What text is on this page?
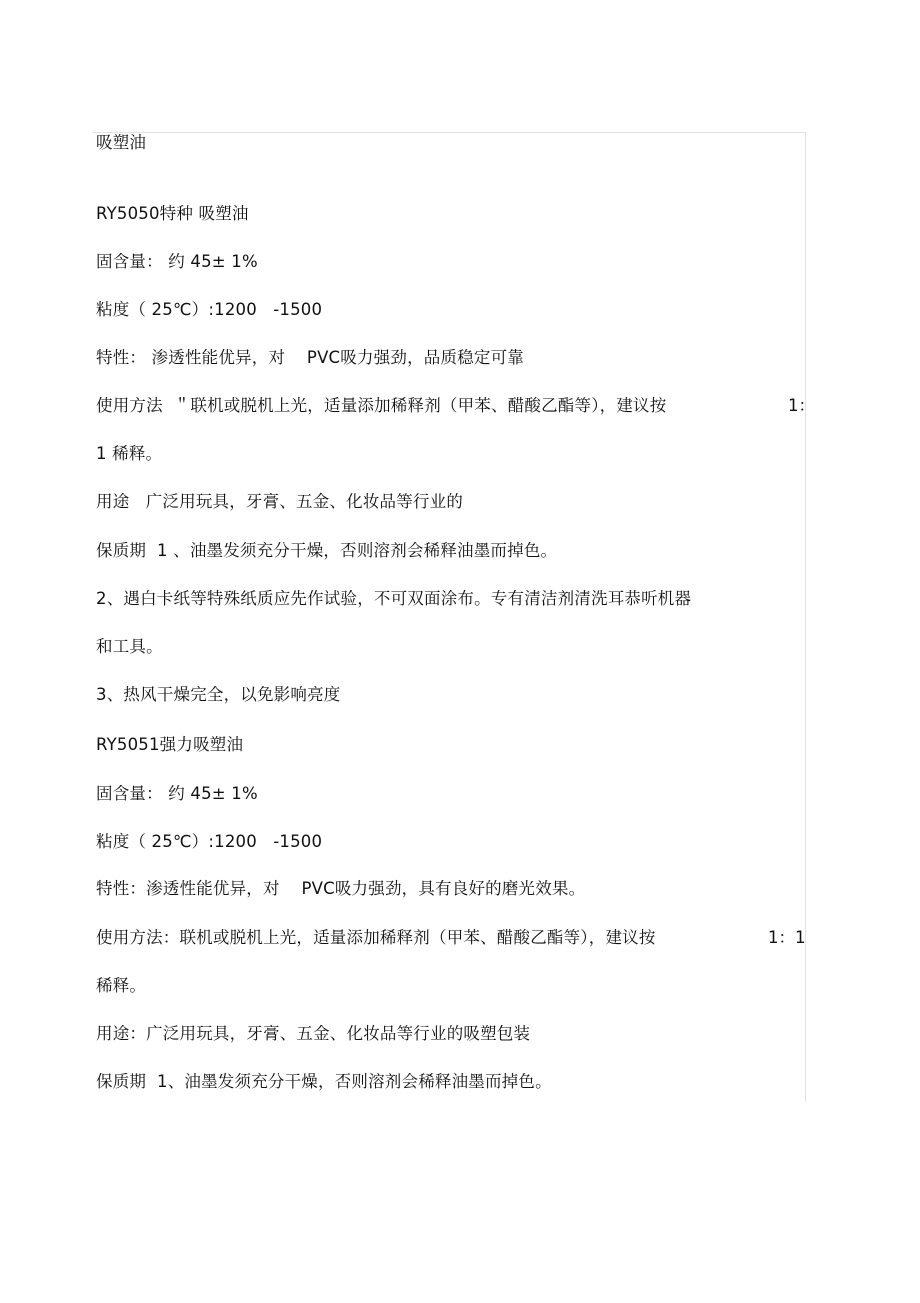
吸塑油
RY5050特种 吸塑油
固含量： 约 45± 1%
粘度（ 25℃）:1200   -1500
特性： 渗透性能优异，对    PVC吸力强劲，品质稳定可靠
使用方法  ＂联机或脱机上光，适量添加稀释剂（甲苯、醋酸乙酯等），建议按	1：
1 稀释。
用途   广泛用玩具，牙膏、五金、化妆品等行业的
保质期  1 、油墨发须充分干燥，否则溶剂会稀释油墨而掉色。
2、遇白卡纸等特殊纸质应先作试验，不可双面涂布。专有清洁剂清洗耳恭听机器
和工具。
3、热风干燥完全，以免影响亮度
RY5051强力吸塑油
固含量： 约 45± 1%
粘度（ 25℃）:1200   -1500
特性：渗透性能优异，对    PVC吸力强劲，具有良好的磨光效果。
使用方法：联机或脱机上光，适量添加稀释剂（甲苯、醋酸乙酯等），建议按	1：1
稀释。
用途：广泛用玩具，牙膏、五金、化妆品等行业的吸塑包装
保质期  1、油墨发须充分干燥，否则溶剂会稀释油墨而掉色。
